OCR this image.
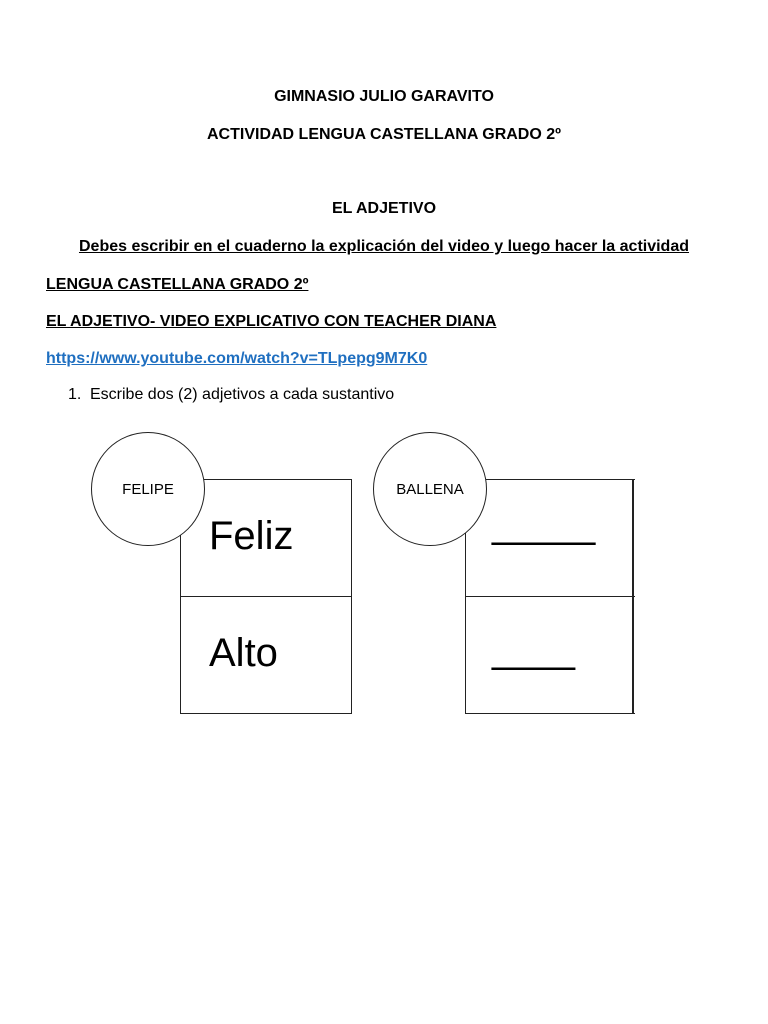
GIMNASIO JULIO GARAVITO
ACTIVIDAD LENGUA CASTELLANA GRADO 2º
EL ADJETIVO
Debes escribir en el cuaderno la explicación del video y luego hacer la actividad
LENGUA CASTELLANA GRADO 2º
EL ADJETIVO- VIDEO EXPLICATIVO CON TEACHER DIANA
https://www.youtube.com/watch?v=TLpepg9M7K0
1. Escribe dos (2) adjetivos a cada sustantivo
Feliz
Alto
FELIPE
_____
____
BALLENA
